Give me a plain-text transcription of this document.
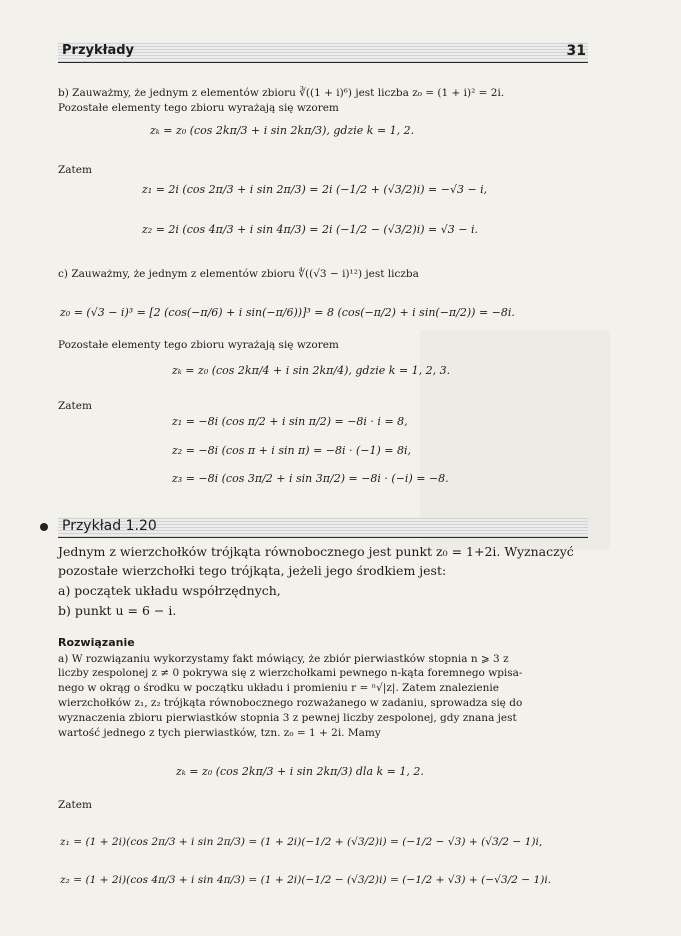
Przykłady	31
b) Zauważmy, że jednym z elementów zbioru ∛((1 + i)⁶) jest liczba z₀ = (1 + i)² = 2i.
Pozostałe elementy tego zbioru wyrażają się wzorem
zₖ = z₀ (cos 2kπ/3 + i sin 2kπ/3), gdzie k = 1, 2.
Zatem
z₁ = 2i (cos 2π/3 + i sin 2π/3) = 2i (−1/2 + (√3/2)i) = −√3 − i,
z₂ = 2i (cos 4π/3 + i sin 4π/3) = 2i (−1/2 − (√3/2)i) = √3 − i.
c) Zauważmy, że jednym z elementów zbioru ∜((√3 − i)¹²) jest liczba
z₀ = (√3 − i)³ = [2 (cos(−π/6) + i sin(−π/6))]³ = 8 (cos(−π/2) + i sin(−π/2)) = −8i.
Pozostałe elementy tego zbioru wyrażają się wzorem
zₖ = z₀ (cos 2kπ/4 + i sin 2kπ/4), gdzie k = 1, 2, 3.
Zatem
z₁ = −8i (cos π/2 + i sin π/2) = −8i · i = 8,
z₂ = −8i (cos π + i sin π) = −8i · (−1) = 8i,
z₃ = −8i (cos 3π/2 + i sin 3π/2) = −8i · (−i) = −8.
Przykład 1.20
Jednym z wierzchołków trójkąta równobocznego jest punkt z₀ = 1+2i. Wyznaczyć
pozostałe wierzchołki tego trójkąta, jeżeli jego środkiem jest:
a) początek układu współrzędnych,
b) punkt u = 6 − i.
Rozwiązanie
a) W rozwiązaniu wykorzystamy fakt mówiący, że zbiór pierwiastków stopnia n ⩾ 3 z
liczby zespolonej z ≠ 0 pokrywa się z wierzchołkami pewnego n-kąta foremnego wpisa-
nego w okrąg o środku w początku układu i promieniu r = ⁿ√|z|. Zatem znalezienie
wierzchołków z₁, z₂ trójkąta równobocznego rozważanego w zadaniu, sprowadza się do
wyznaczenia zbioru pierwiastków stopnia 3 z pewnej liczby zespolonej, gdy znana jest
wartość jednego z tych pierwiastków, tzn. z₀ = 1 + 2i. Mamy
zₖ = z₀ (cos 2kπ/3 + i sin 2kπ/3) dla k = 1, 2.
Zatem
z₁ = (1 + 2i)(cos 2π/3 + i sin 2π/3) = (1 + 2i)(−1/2 + (√3/2)i) = (−1/2 − √3) + (√3/2 − 1)i,
z₂ = (1 + 2i)(cos 4π/3 + i sin 4π/3) = (1 + 2i)(−1/2 − (√3/2)i) = (−1/2 + √3) + (−√3/2 − 1)i.
